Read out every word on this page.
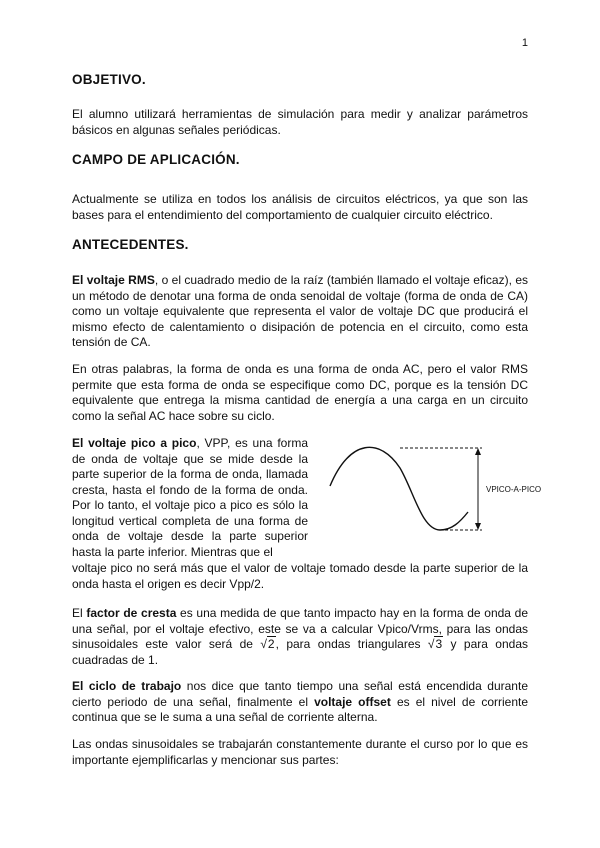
1
OBJETIVO.

El alumno utilizará herramientas de simulación para medir y analizar parámetros básicos en algunas señales periódicas.

CAMPO DE APLICACIÓN.

Actualmente se utiliza en todos los análisis de circuitos eléctricos, ya que son las bases para el entendimiento del comportamiento de cualquier circuito eléctrico.

ANTECEDENTES.

El voltaje RMS, o el cuadrado medio de la raíz (también llamado el voltaje eficaz), es un método de denotar una forma de onda senoidal de voltaje (forma de onda de CA) como un voltaje equivalente que representa el valor de voltaje DC que producirá el mismo efecto de calentamiento o disipación de potencia en el circuito, como esta tensión de CA.

En otras palabras, la forma de onda es una forma de onda AC, pero el valor RMS permite que esta forma de onda se especifique como DC, porque es la tensión DC equivalente que entrega la misma cantidad de energía a una carga en un circuito como la señal AC hace sobre su ciclo.

El voltaje pico a pico, VPP, es una forma de onda de voltaje que se mide desde la parte superior de la forma de onda, llamada cresta, hasta el fondo de la forma de onda. Por lo tanto, el voltaje pico a pico es sólo la longitud vertical completa de una forma de onda de voltaje desde la parte superior hasta la parte inferior. Mientras que el

voltaje pico no será más que el valor de voltaje tomado desde la parte superior de la onda hasta el origen es decir Vpp/2.

VPICO-A-PICO

El factor de cresta es una medida de que tanto impacto hay en la forma de onda de una señal, por el voltaje efectivo, este se va a calcular Vpico/Vrms, para las ondas sinusoidales este valor será de √2, para ondas triangulares √3 y para ondas cuadradas de 1.

El ciclo de trabajo nos dice que tanto tiempo una señal está encendida durante cierto periodo de una señal, finalmente el voltaje offset es el nivel de corriente continua que se le suma a una señal de corriente alterna.

Las ondas sinusoidales se trabajarán constantemente durante el curso por lo que es importante ejemplificarlas y mencionar sus partes:
